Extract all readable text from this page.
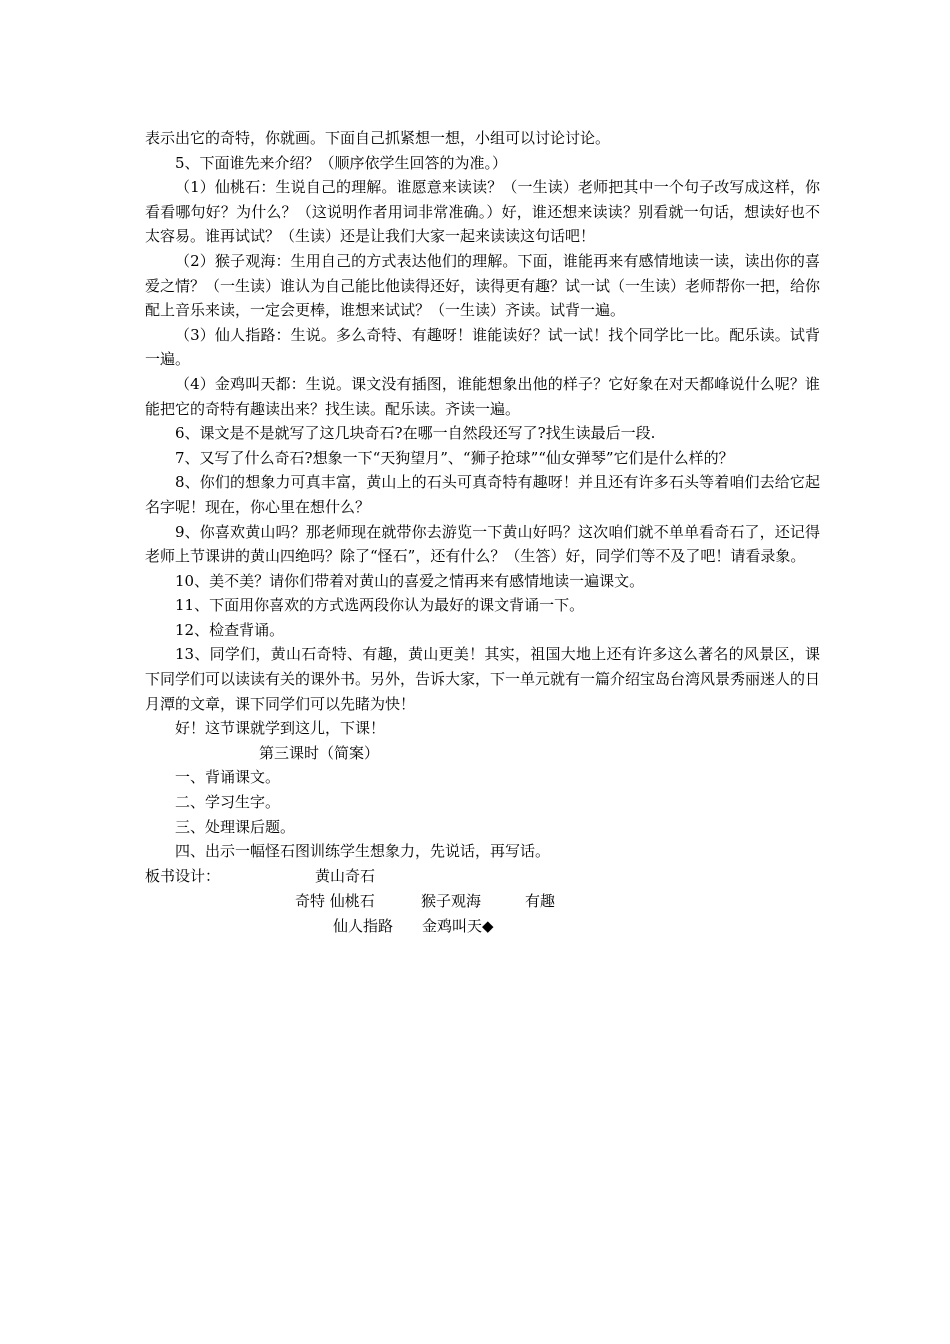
表示出它的奇特，你就画。下面自己抓紧想一想，小组可以讨论讨论。

5、下面谁先来介绍？（顺序依学生回答的为准。）

（1）仙桃石：生说自己的理解。谁愿意来读读？（一生读）老师把其中一个句子改写成这样，你看看哪句好？为什么？（这说明作者用词非常准确。）好，谁还想来读读？别看就一句话，想读好也不太容易。谁再试试？（生读）还是让我们大家一起来读读这句话吧！

（2）猴子观海：生用自己的方式表达他们的理解。下面，谁能再来有感情地读一读，读出你的喜爱之情？（一生读）谁认为自己能比他读得还好，读得更有趣？试一试（一生读）老师帮你一把，给你配上音乐来读，一定会更棒，谁想来试试？（一生读）齐读。试背一遍。

（3）仙人指路：生说。多么奇特、有趣呀！谁能读好？试一试！找个同学比一比。配乐读。试背一遍。

（4）金鸡叫天都：生说。课文没有插图，谁能想象出他的样子？它好象在对天都峰说什么呢？谁能把它的奇特有趣读出来？找生读。配乐读。齐读一遍。

6、课文是不是就写了这几块奇石?在哪一自然段还写了?找生读最后一段.

7、又写了什么奇石?想象一下“天狗望月”、“狮子抢球”“仙女弹琴”它们是什么样的？

8、你们的想象力可真丰富，黄山上的石头可真奇特有趣呀！并且还有许多石头等着咱们去给它起名字呢！现在，你心里在想什么？

9、你喜欢黄山吗？那老师现在就带你去游览一下黄山好吗？这次咱们就不单单看奇石了，还记得老师上节课讲的黄山四绝吗？除了“怪石”，还有什么？（生答）好，同学们等不及了吧！请看录象。

10、美不美？请你们带着对黄山的喜爱之情再来有感情地读一遍课文。

11、下面用你喜欢的方式选两段你认为最好的课文背诵一下。

12、检查背诵。

13、同学们，黄山石奇特、有趣，黄山更美！其实，祖国大地上还有许多这么著名的风景区，课下同学们可以读读有关的课外书。另外，告诉大家，下一单元就有一篇介绍宝岛台湾风景秀丽迷人的日月潭的文章，课下同学们可以先睹为快！

好！这节课就学到这儿，下课！

第三课时（简案）

一、背诵课文。

二、学习生字。

三、处理课后题。

四、出示一幅怪石图训练学生想象力，先说话，再写话。

板书设计：	黄山奇石
奇特 仙桃石	猴子观海	有趣
仙人指路 金鸡叫天◆
